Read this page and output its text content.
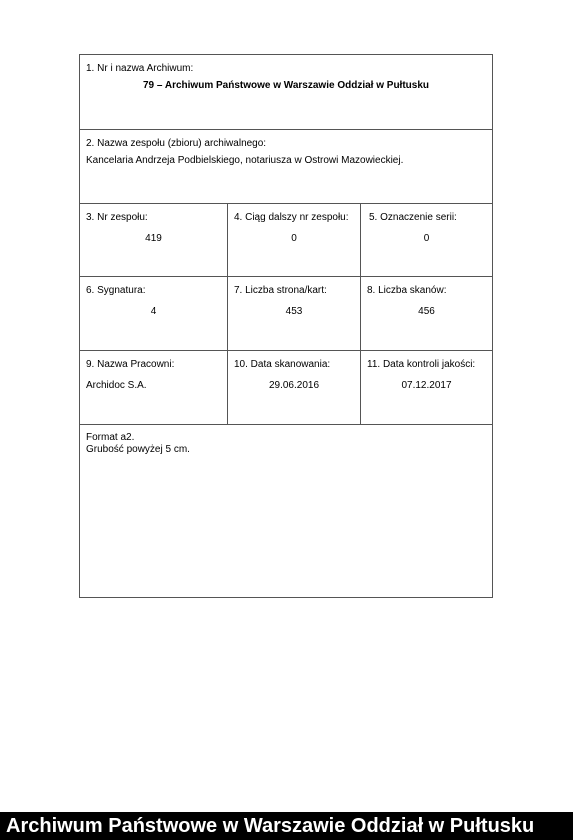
1. Nr i nazwa Archiwum:
79 – Archiwum Państwowe w Warszawie Oddział w Pułtusku
2. Nazwa zespołu (zbioru) archiwalnego:
Kancelaria Andrzeja Podbielskiego, notariusza w Ostrowi Mazowieckiej.
3. Nr zespołu:
419
4. Ciąg dalszy nr zespołu:
0
5. Oznaczenie serii:
0
6. Sygnatura:
4
7. Liczba strona/kart:
453
8. Liczba skanów:
456
9. Nazwa Pracowni:
Archidoc S.A.
10. Data skanowania:
29.06.2016
11. Data kontroli jakości:
07.12.2017
Format a2.
Grubość powyżej 5 cm.
Archiwum Państwowe w Warszawie Oddział w Pułtusku
